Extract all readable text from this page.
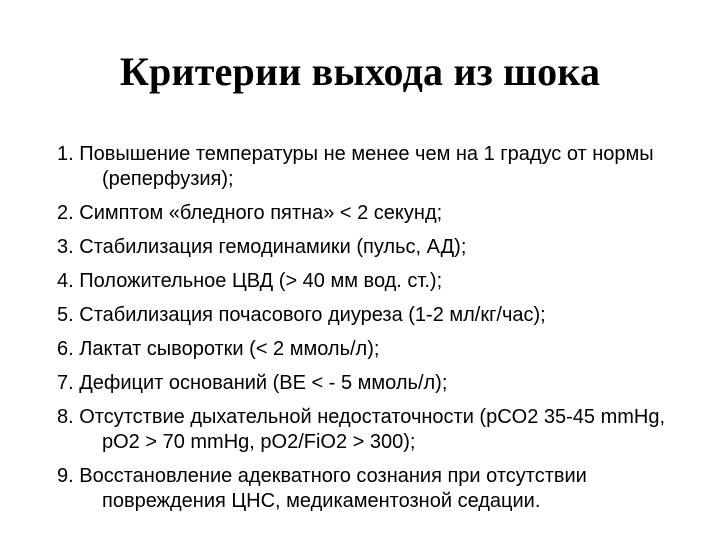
Критерии выхода из шока
1. Повышение температуры не менее чем на 1 градус от нормы (реперфузия);
2. Симптом «бледного пятна» < 2 секунд;
3. Стабилизация гемодинамики (пульс, АД);
4. Положительное ЦВД (> 40 мм вод. ст.);
5. Стабилизация почасового диуреза (1-2 мл/кг/час);
6. Лактат сыворотки (< 2 ммоль/л);
7. Дефицит оснований (BE < - 5 ммоль/л);
8. Отсутствие дыхательной недостаточности (pCO2 35-45 mmHg, pO2 > 70 mmHg, pO2/FiO2 > 300);
9. Восстановление адекватного сознания при отсутствии повреждения ЦНС, медикаментозной седации.
